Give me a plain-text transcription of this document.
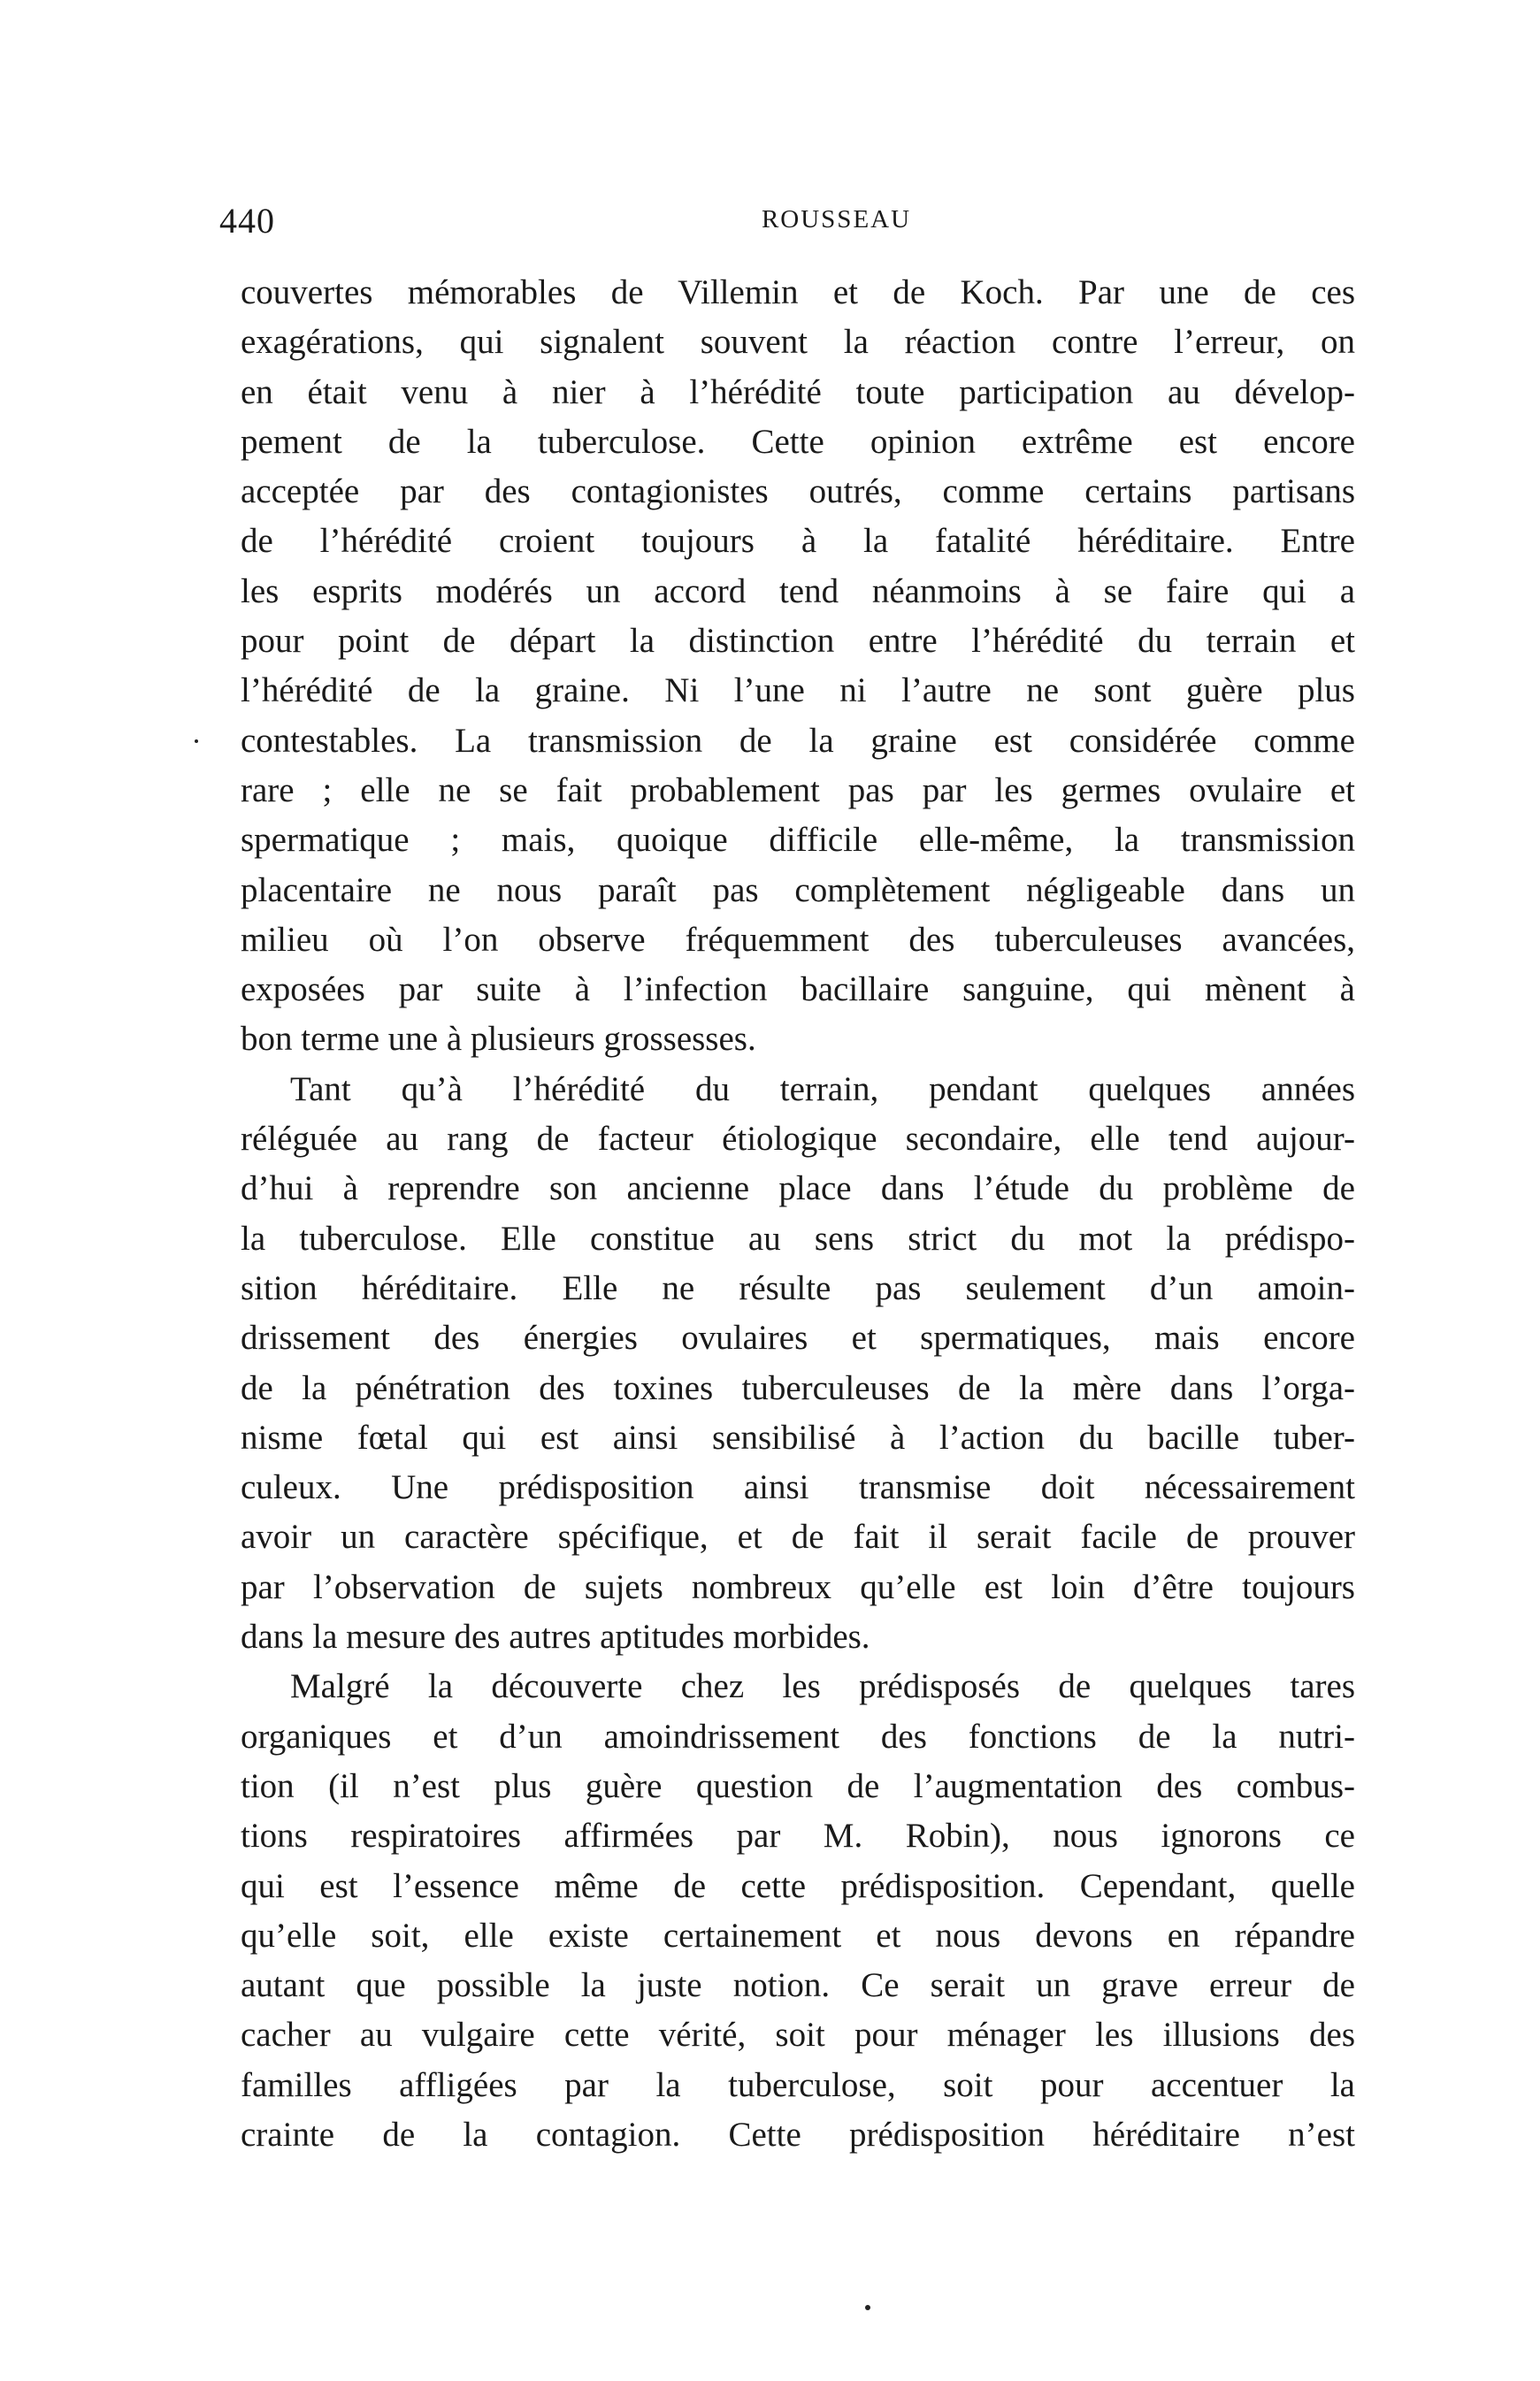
440	ROUSSEAU
couvertes mémorables de Villemin et de Koch. Par une de ces
exagérations, qui signalent souvent la réaction contre l’erreur, on
en était venu à nier à l’hérédité toute participation au dévelop-
pement de la tuberculose. Cette opinion extrême est encore
acceptée par des contagionistes outrés, comme certains partisans
de l’hérédité croient toujours à la fatalité héréditaire. Entre
les esprits modérés un accord tend néanmoins à se faire qui a
pour point de départ la distinction entre l’hérédité du terrain et
l’hérédité de la graine. Ni l’une ni l’autre ne sont guère plus
contestables. La transmission de la graine est considérée comme
rare ; elle ne se fait probablement pas par les germes ovulaire et
spermatique ; mais, quoique difficile elle-même, la transmission
placentaire ne nous paraît pas complètement négligeable dans un
milieu où l’on observe fréquemment des tuberculeuses avancées,
exposées par suite à l’infection bacillaire sanguine, qui mènent à
bon terme une à plusieurs grossesses.
Tant qu’à l’hérédité du terrain, pendant quelques années
réléguée au rang de facteur étiologique secondaire, elle tend aujour-
d’hui à reprendre son ancienne place dans l’étude du problème de
la tuberculose. Elle constitue au sens strict du mot la prédispo-
sition héréditaire. Elle ne résulte pas seulement d’un amoin-
drissement des énergies ovulaires et spermatiques, mais encore
de la pénétration des toxines tuberculeuses de la mère dans l’orga-
nisme fœtal qui est ainsi sensibilisé à l’action du bacille tuber-
culeux. Une prédisposition ainsi transmise doit nécessairement
avoir un caractère spécifique, et de fait il serait facile de prouver
par l’observation de sujets nombreux qu’elle est loin d’être toujours
dans la mesure des autres aptitudes morbides.
Malgré la découverte chez les prédisposés de quelques tares
organiques et d’un amoindrissement des fonctions de la nutri-
tion (il n’est plus guère question de l’augmentation des combus-
tions respiratoires affirmées par M. Robin), nous ignorons ce
qui est l’essence même de cette prédisposition. Cependant, quelle
qu’elle soit, elle existe certainement et nous devons en répandre
autant que possible la juste notion. Ce serait un grave erreur de
cacher au vulgaire cette vérité, soit pour ménager les illusions des
familles affligées par la tuberculose, soit pour accentuer la
crainte de la contagion. Cette prédisposition héréditaire n’est
